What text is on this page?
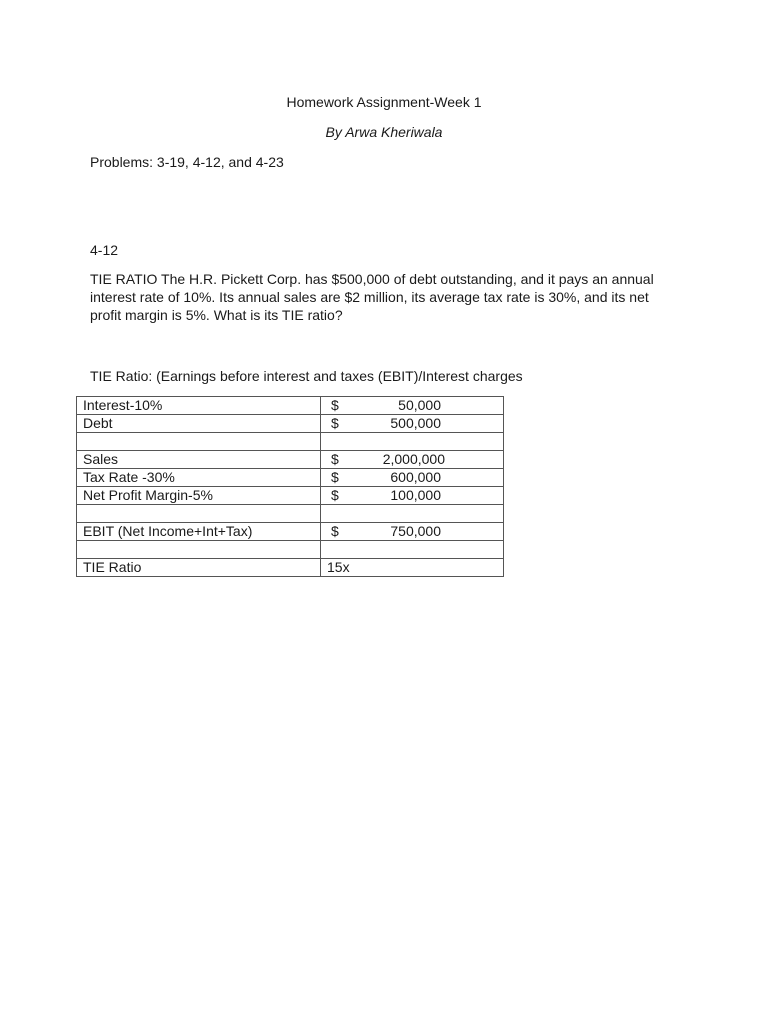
Homework Assignment-Week 1
By Arwa Kheriwala
Problems: 3-19, 4-12, and 4-23
4-12
TIE RATIO The H.R. Pickett Corp. has $500,000 of debt outstanding, and it pays an annual interest rate of 10%. Its annual sales are $2 million, its average tax rate is 30%, and its net profit margin is 5%. What is its TIE ratio?
TIE Ratio: (Earnings before interest and taxes (EBIT)/Interest charges
Interest-10%	$ 50,000

Debt	$ 500,000

Sales	$ 2,000,000

Tax Rate -30%	$ 600,000

Net Profit Margin-5%	$ 100,000

EBIT (Net Income+Int+Tax)	$ 750,000

TIE Ratio	15x
